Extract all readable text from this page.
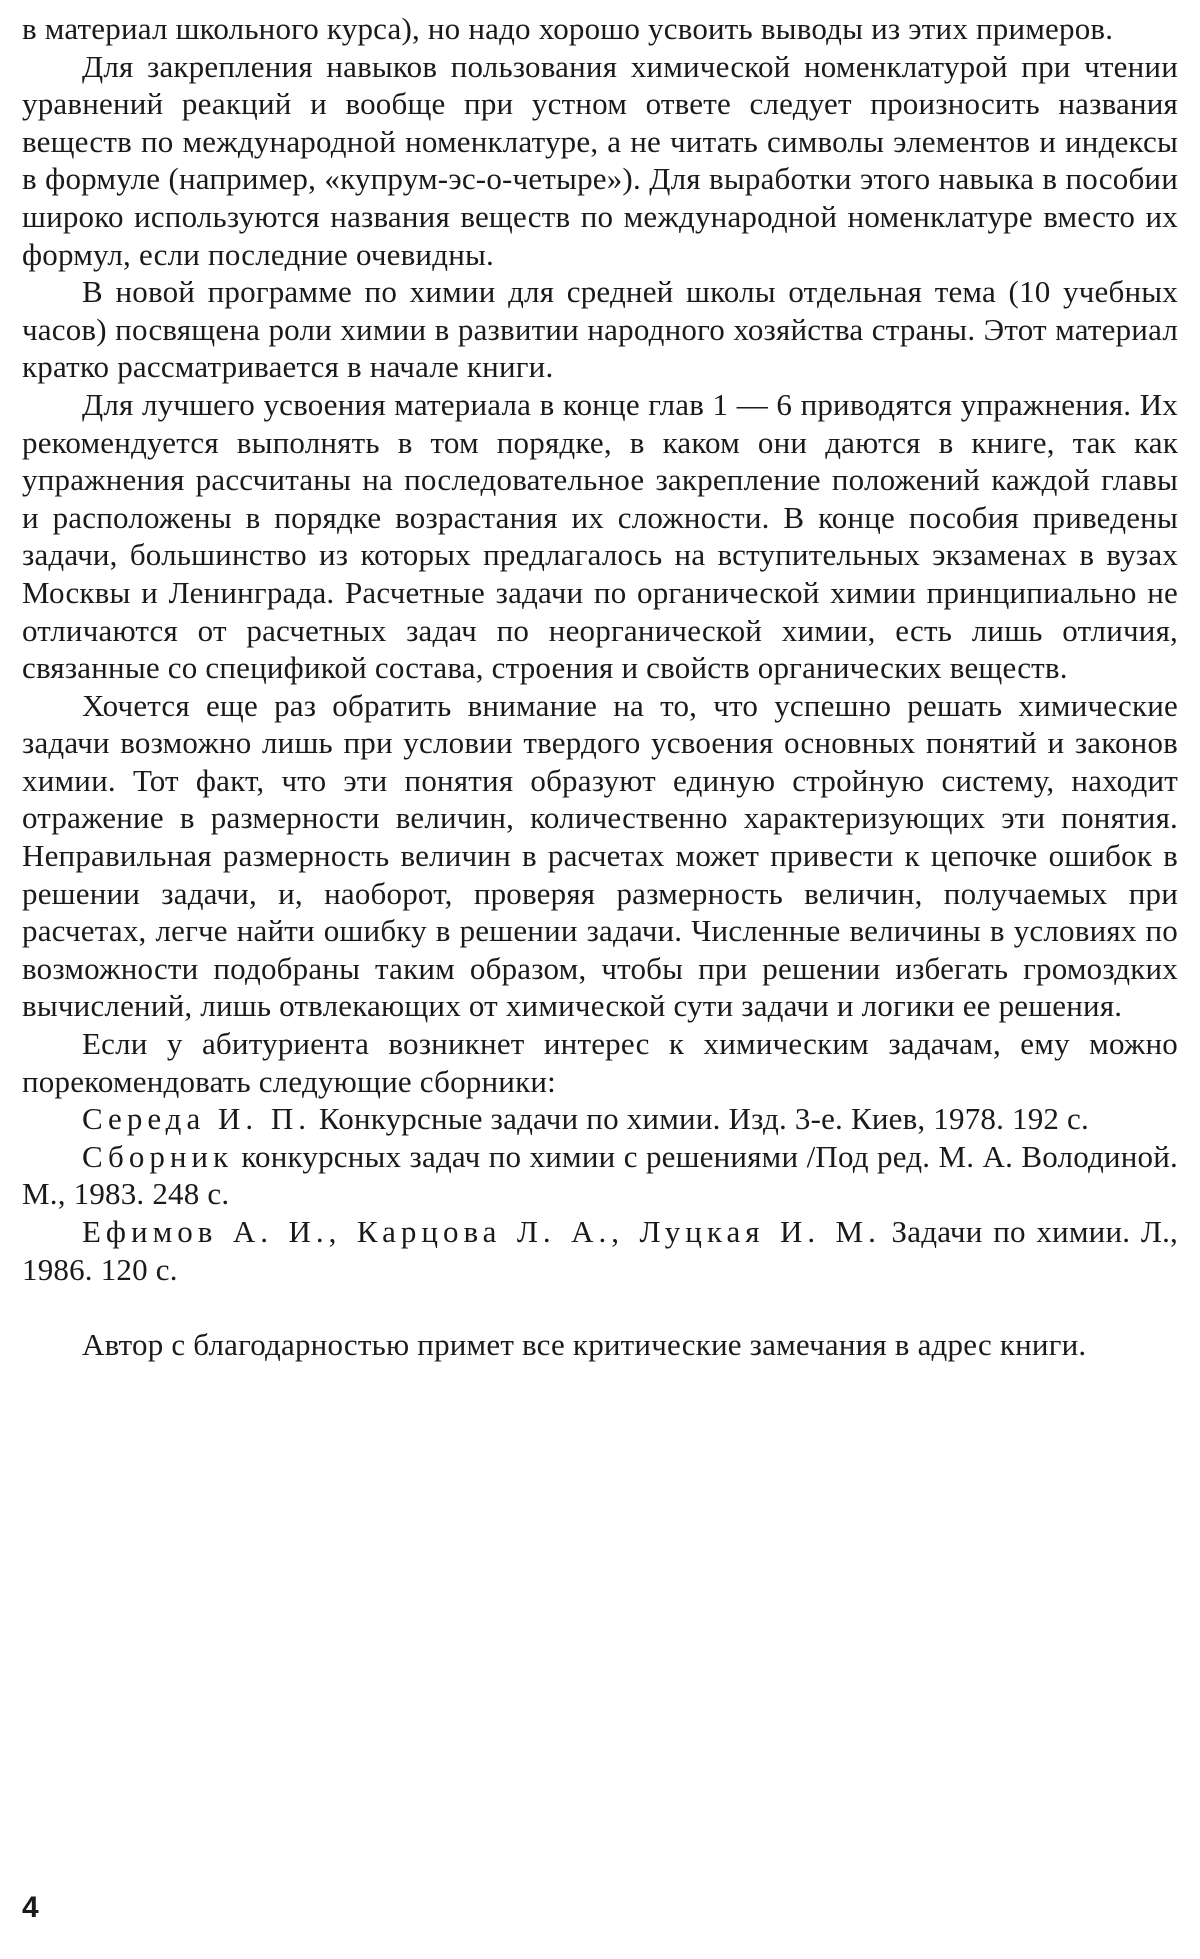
в материал школьного курса), но надо хорошо усвоить выводы из этих примеров.

Для закрепления навыков пользования химической номенклатурой при чтении уравнений реакций и вообще при устном ответе следует произносить названия веществ по международной номенклатуре, а не читать символы элементов и индексы в формуле (например, «купрум-эс-о-четыре»). Для выработки этого навыка в пособии широко используются названия веществ по международной номенклатуре вместо их формул, если последние очевидны.

В новой программе по химии для средней школы отдельная тема (10 учебных часов) посвящена роли химии в развитии народного хозяйства страны. Этот материал кратко рассматривается в начале книги.

Для лучшего усвоения материала в конце глав 1 — 6 приводятся упражнения. Их рекомендуется выполнять в том порядке, в каком они даются в книге, так как упражнения рассчитаны на последовательное закрепление положений каждой главы и расположены в порядке возрастания их сложности. В конце пособия приведены задачи, большинство из которых предлагалось на вступительных экзаменах в вузах Москвы и Ленинграда. Расчетные задачи по органической химии принципиально не отличаются от расчетных задач по неорганической химии, есть лишь отличия, связанные со спецификой состава, строения и свойств органических веществ.

Хочется еще раз обратить внимание на то, что успешно решать химические задачи возможно лишь при условии твердого усвоения основных понятий и законов химии. Тот факт, что эти понятия образуют единую стройную систему, находит отражение в размерности величин, количественно характеризующих эти понятия. Неправильная размерность величин в расчетах может привести к цепочке ошибок в решении задачи, и, наоборот, проверяя размерность величин, получаемых при расчетах, легче найти ошибку в решении задачи. Численные величины в условиях по возможности подобраны таким образом, чтобы при решении избегать громоздких вычислений, лишь отвлекающих от химической сути задачи и логики ее решения.

Если у абитуриента возникнет интерес к химическим задачам, ему можно порекомендовать следующие сборники:

Середа И. П. Конкурсные задачи по химии. Изд. 3-е. Киев, 1978. 192 с.

Сборник конкурсных задач по химии с решениями /Под ред. М. А. Володиной. М., 1983. 248 с.

Ефимов А. И., Карцова Л. А., Луцкая И. М. Задачи по химии. Л., 1986. 120 с.

Автор с благодарностью примет все критические замечания в адрес книги.

4
